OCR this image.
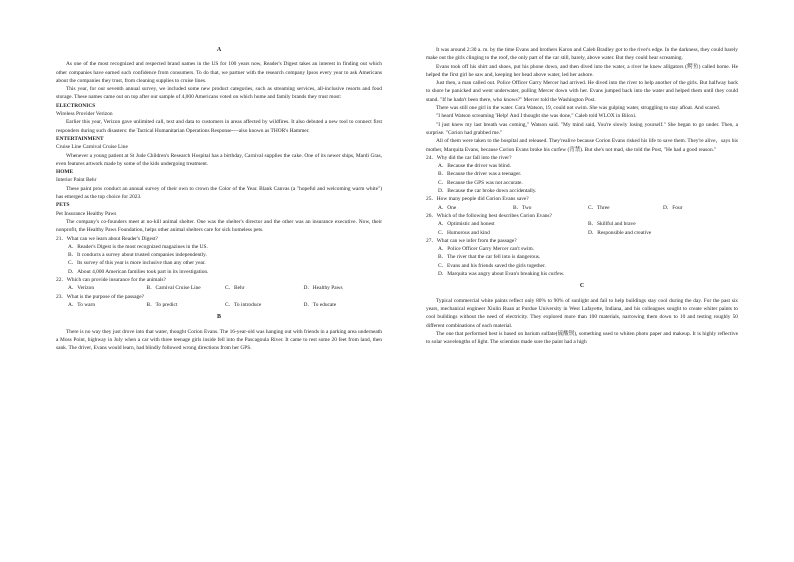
A

As one of the most recognized and respected brand names in the US for 100 years now, Reader's Digest takes an interest in finding out which other companies have earned such confidence from consumers. To do that, we partner with the research company Ipsos every year to ask Americans about the companies they trust, from cleaning supplies to cruise lines.

This year, for our seventh annual survey, we included some new product categories, such as streaming services, all-inclusive resorts and food storage. These names came out on top after our sample of 4,000 Americans voted on which home and family brands they trust most:

ELECTRONICS

Wireless Provider Verizon

Earlier this year, Verizon gave unlimited call, text and data to customers in areas affected by wildfires. It also debuted a new tool to connect first responders during such disasters: the Tactical Humanitarian Operations Response----also known as THOR's Hammer.

ENTERTAINMENT

Cruise Line Carnival Cruise Line

Whenever a young patient at St Jude Children's Research Hospital has a birthday, Carnival supplies the cake. One of its newer ships, Mardi Gras, even features artwork made by some of the kids undergoing treatment.

HOME

Interior Paint Behr

These paint pros conduct an annual survey of their own to crown the Color of the Year. Blank Canvas (a "hopeful and welcoming warm white") has emerged as the top choice for 2023.

PETS

Pet Insurance Healthy Paws

The company's co-founders meet at no-kill animal shelter. One was the shelter's director and the other was an insurance executive. Now, their nonprofit, the Healthy Paws Foundation, helps other animal shelters care for sick homeless pets.

21．What can we learn about Reader's Digest?

A．Reader's Digest is the most recognized magazines in the US.

B．It conducts a survey about trusted companies independently.

C．Its survey of this year is more inclusive than any other year.

D．About 4,000 American families took part in its investigation.

22．Which can provide insurance for the animals?

A．Verizon	B．Carnival Cruise Line	C．Behr	D．Healthy Paws

23．What is the purpose of the passage?

A．To warn	B．To predict	C．To introduce	D．To educate

B

There is no way they just drove into that water, thought Corion Evans. The 16-year-old was hanging out with friends in a parking area underneath a Moss Point, highway in July when a car with three teenage girls inside fell into the Pascagoula River. It came to rest some 20 feet from land, then sank. The driver, Evans would learn, had blindly followed wrong directions from her GPS.

It was around 2:30 a. m. by the time Evans and brothers Karon and Caleb Bradley got to the river's edge. In the darkness, they could barely make out the girls clinging to the roof, the only part of the car still, barely, above water. But they could hear screaming.

Evans took off his shirt and shoes, put his phone down, and then dived into the water, a river he knew alligators (鳄鱼) called home. He helped the first girl he saw and, keeping her head above water, led her ashore.

Just then, a man called out. Police Officer Garry Mercer had arrived. He dived into the river to help another of the girls. But halfway back to shore he panicked and went underwater, pulling Mercer down with her. Evans jumped back into the water and helped them until they could stand. "If he hadn't been there, who knows?" Mercer told the Washington Post.

There was still one girl in the water. Cora Watson, 19, could not swim. She was gulping water, struggling to stay afloat. And scared.

"I heard Watson screaming 'Help! And I thought she was done," Caleb told WLOX in Biloxi.

"I just knew my last breath was coming," Watson said. "My mind said, You're slowly losing yourself." She began to go under. Then, a surprise. "Corion had grabbed me."

All of them were taken to the hospital and released. They'realive because Corion Evans risked his life to save them. They're alive，says his mother, Marquita Evans, because Corion Evans broke his curfew (宵禁). But she's not mad, she told the Post, "He had a good reason."

24．Why did the car fall into the river?

A．Because the driver was blind.

B．Because the driver was a teenager.

C．Because the GPS was not accurate.

D．Because the car broke down accidentally.

25．How many people did Corion Evans save?

A．One	B．Two	C．Three	D．Four

26．Which of the following best describes Corion Evans?

A．Optimistic and honest	B．Skillful and brave
C．Humorous and kind	D．Responsible and creative

27．What can we infer from the passage?

A．Police Officer Garry Mercer can't swim.

B．The river that the car fell into is dangerous.

C．Evans and his friends saved the girls together.

D．Marquita was angry about Evan's breaking his curfew.

C

Typical commercial white paints reflect only 80% to 90% of sunlight and fail to help buildings stay cool during the day. For the past six years, mechanical engineer Xiulin Ruan at Purdue University in West Lafayette, Indiana, and his colleagues sought to create whiter paints to cool buildings without the need of electricity. They explored more than 100 materials, narrowing them down to 10 and testing roughly 50 different combinations of each material.

The one that performed best is based on barium sulfate(硫酸钡), something used to whiten photo paper and makeup. It is highly reflective to solar wavelengths of light. The scientists made sure the paint had a high
